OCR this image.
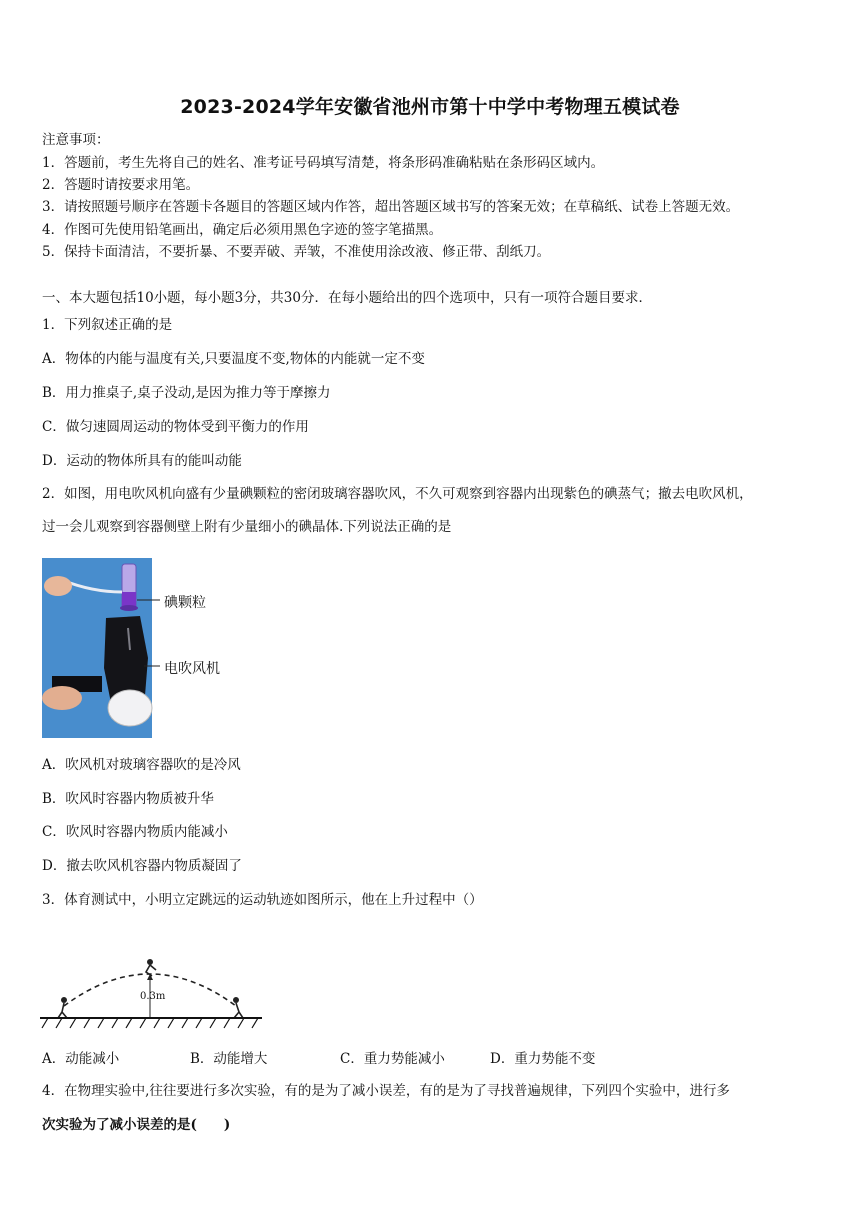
2023-2024学年安徽省池州市第十中学中考物理五模试卷
注意事项：
1．答题前，考生先将自己的姓名、准考证号码填写清楚，将条形码准确粘贴在条形码区域内。
2．答题时请按要求用笔。
3．请按照题号顺序在答题卡各题目的答题区域内作答，超出答题区域书写的答案无效；在草稿纸、试卷上答题无效。
4．作图可先使用铅笔画出，确定后必须用黑色字迹的签字笔描黑。
5．保持卡面清洁，不要折暴、不要弄破、弄皱，不准使用涂改液、修正带、刮纸刀。
一、本大题包括10小题，每小题3分，共30分．在每小题给出的四个选项中，只有一项符合题目要求．
1．下列叙述正确的是
A．物体的内能与温度有关,只要温度不变,物体的内能就一定不变
B．用力推桌子,桌子没动,是因为推力等于摩擦力
C．做匀速圆周运动的物体受到平衡力的作用
D．运动的物体所具有的能叫动能
2．如图，用电吹风机向盛有少量碘颗粒的密闭玻璃容器吹风，不久可观察到容器内出现紫色的碘蒸气；撤去电吹风机，
过一会儿观察到容器侧壁上附有少量细小的碘晶体.下列说法正确的是
碘颗粒
电吹风机
A．吹风机对玻璃容器吹的是冷风
B．吹风时容器内物质被升华
C．吹风时容器内物质内能减小
D．撤去吹风机容器内物质凝固了
3．体育测试中，小明立定跳远的运动轨迹如图所示，他在上升过程中（）
0.3m
A．动能减小	B．动能增大	C．重力势能减小	D．重力势能不变
4．在物理实验中,往往要进行多次实验，有的是为了减小误差，有的是为了寻找普遍规律，下列四个实验中，进行多
次实验为了减小误差的是(　　)
